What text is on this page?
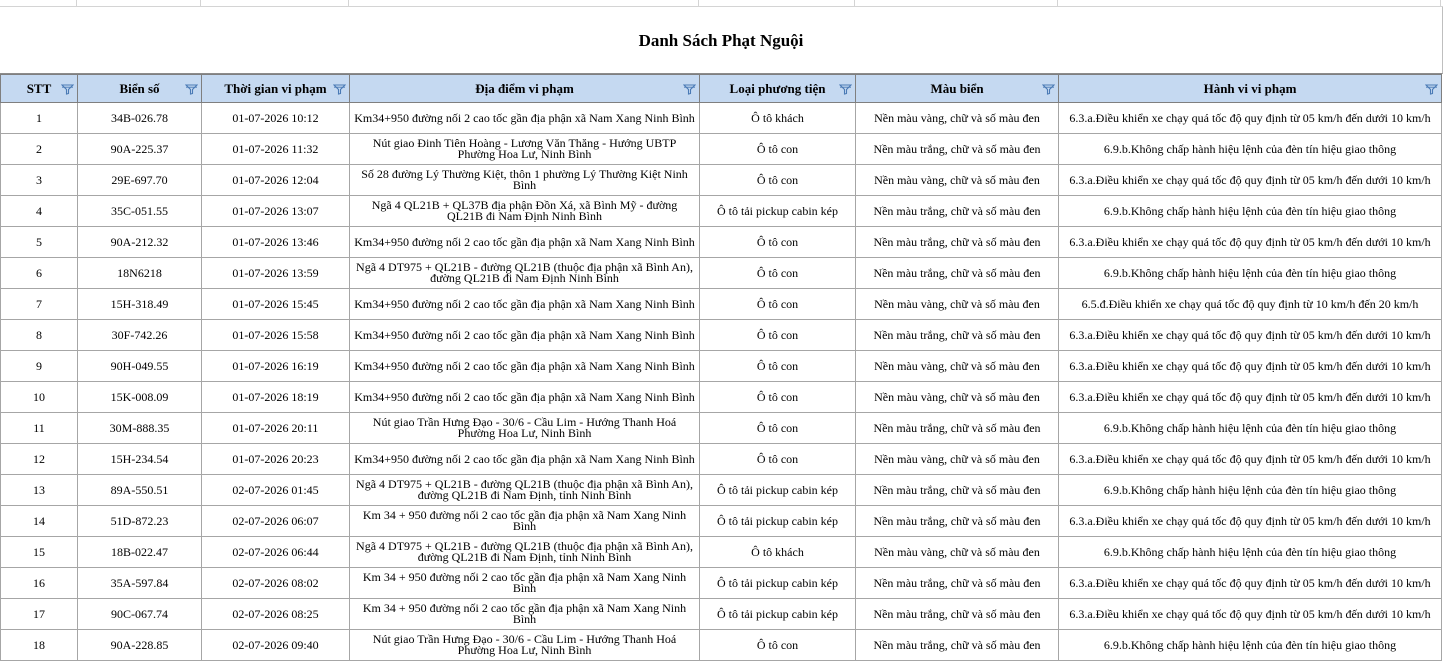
Danh Sách Phạt Nguội
STT	Biển số	Thời gian vi phạm	Địa điểm vi phạm	Loại phương tiện	Màu biển	Hành vi vi phạm

1	34B-026.78	01-07-2026 10:12	Km34+950 đường nối 2 cao tốc gần địa phận xã Nam Xang Ninh Bình	Ô tô khách	Nền màu vàng, chữ và số màu đen	6.3.a.Điều khiển xe chạy quá tốc độ quy định từ 05 km/h đến dưới 10 km/h
2	90A-225.37	01-07-2026 11:32	Nút giao Đinh Tiên Hoàng - Lương Văn Thăng - Hướng UBTP Phường Hoa Lư, Ninh Bình	Ô tô con	Nền màu trắng, chữ và số màu đen	6.9.b.Không chấp hành hiệu lệnh của đèn tín hiệu giao thông
3	29E-697.70	01-07-2026 12:04	Số 28 đường Lý Thường Kiệt, thôn 1 phường Lý Thường Kiệt Ninh Bình	Ô tô con	Nền màu vàng, chữ và số màu đen	6.3.a.Điều khiển xe chạy quá tốc độ quy định từ 05 km/h đến dưới 10 km/h
4	35C-051.55	01-07-2026 13:07	Ngã 4 QL21B + QL37B địa phận Đồn Xá, xã Bình Mỹ - đường QL21B đi Nam Định Ninh Bình	Ô tô tải pickup cabin kép	Nền màu trắng, chữ và số màu đen	6.9.b.Không chấp hành hiệu lệnh của đèn tín hiệu giao thông
5	90A-212.32	01-07-2026 13:46	Km34+950 đường nối 2 cao tốc gần địa phận xã Nam Xang Ninh Bình	Ô tô con	Nền màu trắng, chữ và số màu đen	6.3.a.Điều khiển xe chạy quá tốc độ quy định từ 05 km/h đến dưới 10 km/h
6	18N6218	01-07-2026 13:59	Ngã 4 DT975 + QL21B - đường QL21B (thuộc địa phận xã Bình An), đường QL21B đi Nam Định Ninh Bình	Ô tô con	Nền màu trắng, chữ và số màu đen	6.9.b.Không chấp hành hiệu lệnh của đèn tín hiệu giao thông
7	15H-318.49	01-07-2026 15:45	Km34+950 đường nối 2 cao tốc gần địa phận xã Nam Xang Ninh Bình	Ô tô con	Nền màu vàng, chữ và số màu đen	6.5.đ.Điều khiển xe chạy quá tốc độ quy định từ 10 km/h đến 20 km/h
8	30F-742.26	01-07-2026 15:58	Km34+950 đường nối 2 cao tốc gần địa phận xã Nam Xang Ninh Bình	Ô tô con	Nền màu trắng, chữ và số màu đen	6.3.a.Điều khiển xe chạy quá tốc độ quy định từ 05 km/h đến dưới 10 km/h
9	90H-049.55	01-07-2026 16:19	Km34+950 đường nối 2 cao tốc gần địa phận xã Nam Xang Ninh Bình	Ô tô con	Nền màu vàng, chữ và số màu đen	6.3.a.Điều khiển xe chạy quá tốc độ quy định từ 05 km/h đến dưới 10 km/h
10	15K-008.09	01-07-2026 18:19	Km34+950 đường nối 2 cao tốc gần địa phận xã Nam Xang Ninh Bình	Ô tô con	Nền màu vàng, chữ và số màu đen	6.3.a.Điều khiển xe chạy quá tốc độ quy định từ 05 km/h đến dưới 10 km/h
11	30M-888.35	01-07-2026 20:11	Nút giao Trần Hưng Đạo - 30/6 - Cầu Lim - Hướng Thanh Hoá Phường Hoa Lư, Ninh Bình	Ô tô con	Nền màu trắng, chữ và số màu đen	6.9.b.Không chấp hành hiệu lệnh của đèn tín hiệu giao thông
12	15H-234.54	01-07-2026 20:23	Km34+950 đường nối 2 cao tốc gần địa phận xã Nam Xang Ninh Bình	Ô tô con	Nền màu vàng, chữ và số màu đen	6.3.a.Điều khiển xe chạy quá tốc độ quy định từ 05 km/h đến dưới 10 km/h
13	89A-550.51	02-07-2026 01:45	Ngã 4 DT975 + QL21B - đường QL21B (thuộc địa phận xã Bình An), đường QL21B đi Nam Định, tỉnh Ninh Bình	Ô tô tải pickup cabin kép	Nền màu trắng, chữ và số màu đen	6.9.b.Không chấp hành hiệu lệnh của đèn tín hiệu giao thông
14	51D-872.23	02-07-2026 06:07	Km 34 + 950 đường nối 2 cao tốc gần địa phận xã Nam Xang Ninh Bình	Ô tô tải pickup cabin kép	Nền màu trắng, chữ và số màu đen	6.3.a.Điều khiển xe chạy quá tốc độ quy định từ 05 km/h đến dưới 10 km/h
15	18B-022.47	02-07-2026 06:44	Ngã 4 DT975 + QL21B - đường QL21B (thuộc địa phận xã Bình An), đường QL21B đi Nam Định, tỉnh Ninh Bình	Ô tô khách	Nền màu vàng, chữ và số màu đen	6.9.b.Không chấp hành hiệu lệnh của đèn tín hiệu giao thông
16	35A-597.84	02-07-2026 08:02	Km 34 + 950 đường nối 2 cao tốc gần địa phận xã Nam Xang Ninh Bình	Ô tô tải pickup cabin kép	Nền màu trắng, chữ và số màu đen	6.3.a.Điều khiển xe chạy quá tốc độ quy định từ 05 km/h đến dưới 10 km/h
17	90C-067.74	02-07-2026 08:25	Km 34 + 950 đường nối 2 cao tốc gần địa phận xã Nam Xang Ninh Bình	Ô tô tải pickup cabin kép	Nền màu trắng, chữ và số màu đen	6.3.a.Điều khiển xe chạy quá tốc độ quy định từ 05 km/h đến dưới 10 km/h
18	90A-228.85	02-07-2026 09:40	Nút giao Trần Hưng Đạo - 30/6 - Cầu Lim - Hướng Thanh Hoá Phường Hoa Lư, Ninh Bình	Ô tô con	Nền màu trắng, chữ và số màu đen	6.9.b.Không chấp hành hiệu lệnh của đèn tín hiệu giao thông
